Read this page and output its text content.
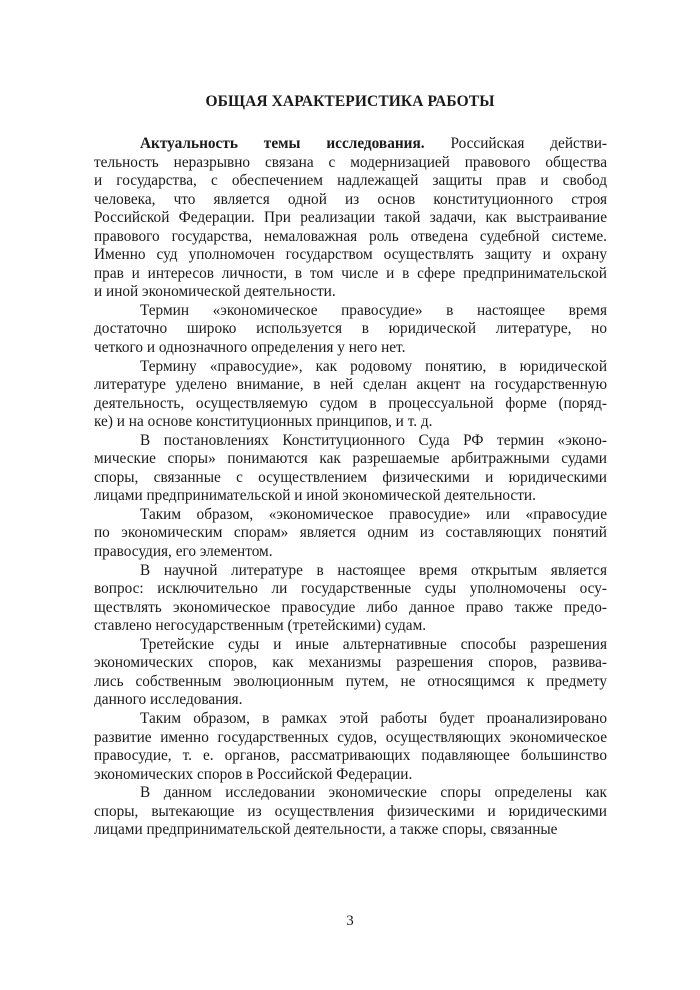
ОБЩАЯ ХАРАКТЕРИСТИКА РАБОТЫ
Актуальность темы исследования. Российская действи-
тельность неразрывно связана с модернизацией правового общества
и государства, с обеспечением надлежащей защиты прав и свобод
человека, что является одной из основ конституционного строя
Российской Федерации. При реализации такой задачи, как выстраивание
правового государства, немаловажная роль отведена судебной системе.
Именно суд уполномочен государством осуществлять защиту и охрану
прав и интересов личности, в том числе и в сфере предпринимательской
и иной экономической деятельности.
Термин «экономическое правосудие» в настоящее время
достаточно широко используется в юридической литературе, но
четкого и однозначного определения у него нет.
Термину «правосудие», как родовому понятию, в юридической
литературе уделено внимание, в ней сделан акцент на государственную
деятельность, осуществляемую судом в процессуальной форме (поряд-
ке) и на основе конституционных принципов, и т. д.
В постановлениях Конституционного Суда РФ термин «эконо-
мические споры» понимаются как разрешаемые арбитражными судами
споры, связанные с осуществлением физическими и юридическими
лицами предпринимательской и иной экономической деятельности.
Таким образом, «экономическое правосудие» или «правосудие
по экономическим спорам» является одним из составляющих понятий
правосудия, его элементом.
В научной литературе в настоящее время открытым является
вопрос: исключительно ли государственные суды уполномочены осу-
ществлять экономическое правосудие либо данное право также предо-
ставлено негосударственным (третейскими) судам.
Третейские суды и иные альтернативные способы разрешения
экономических споров, как механизмы разрешения споров, развива-
лись собственным эволюционным путем, не относящимся к предмету
данного исследования.
Таким образом, в рамках этой работы будет проанализировано
развитие именно государственных судов, осуществляющих экономическое
правосудие, т. е. органов, рассматривающих подавляющее большинство
экономических споров в Российской Федерации.
В данном исследовании экономические споры определены как
споры, вытекающие из осуществления физическими и юридическими
лицами предпринимательской деятельности, а также споры, связанные
3
